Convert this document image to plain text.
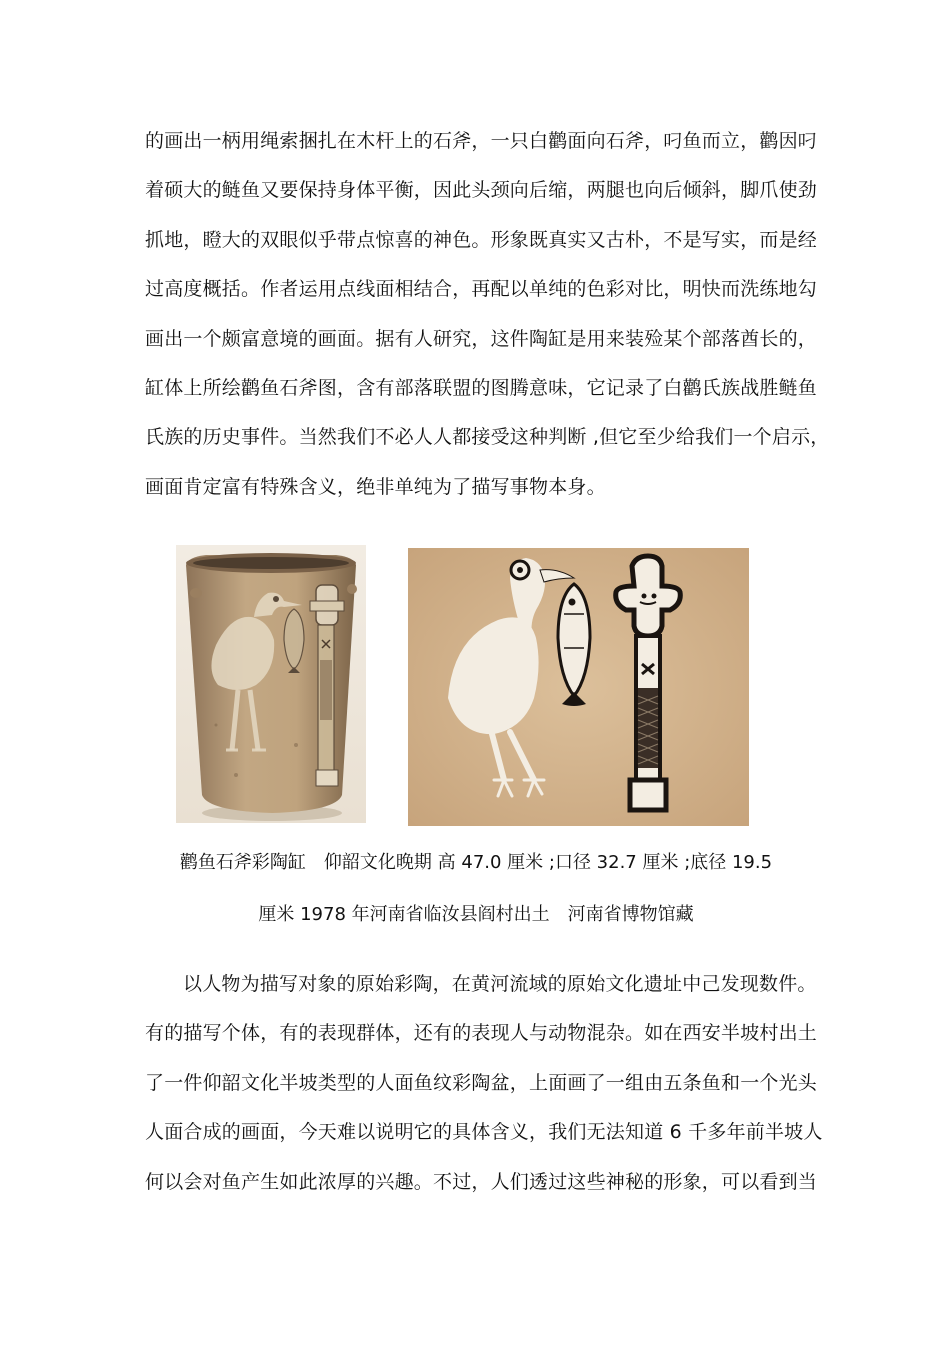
的画出一柄用绳索捆扎在木杆上的石斧，一只白鹳面向石斧，叼鱼而立，鹳因叼
着硕大的鲢鱼又要保持身体平衡，因此头颈向后缩，两腿也向后倾斜，脚爪使劲
抓地，瞪大的双眼似乎带点惊喜的神色。形象既真实又古朴，不是写实，而是经
过高度概括。作者运用点线面相结合，再配以单纯的色彩对比，明快而洗练地勾
画出一个颇富意境的画面。据有人研究，这件陶缸是用来装殓某个部落酋长的，
缸体上所绘鹳鱼石斧图，含有部落联盟的图腾意味，它记录了白鹳氏族战胜鲢鱼
氏族的历史事件。当然我们不必人人都接受这种判断 ,但它至少给我们一个启示，
画面肯定富有特殊含义，绝非单纯为了描写事物本身。

鹳鱼石斧彩陶缸　仰韶文化晚期 高 47.0 厘米 ;口径 32.7 厘米 ;底径 19.5
厘米 1978 年河南省临汝县阎村出土　河南省博物馆藏

以人物为描写对象的原始彩陶，在黄河流域的原始文化遗址中己发现数件。
有的描写个体，有的表现群体，还有的表现人与动物混杂。如在西安半坡村出土
了一件仰韶文化半坡类型的人面鱼纹彩陶盆，上面画了一组由五条鱼和一个光头
人面合成的画面，今天难以说明它的具体含义，我们无法知道 6 千多年前半坡人
何以会对鱼产生如此浓厚的兴趣。不过，人们透过这些神秘的形象，可以看到当
